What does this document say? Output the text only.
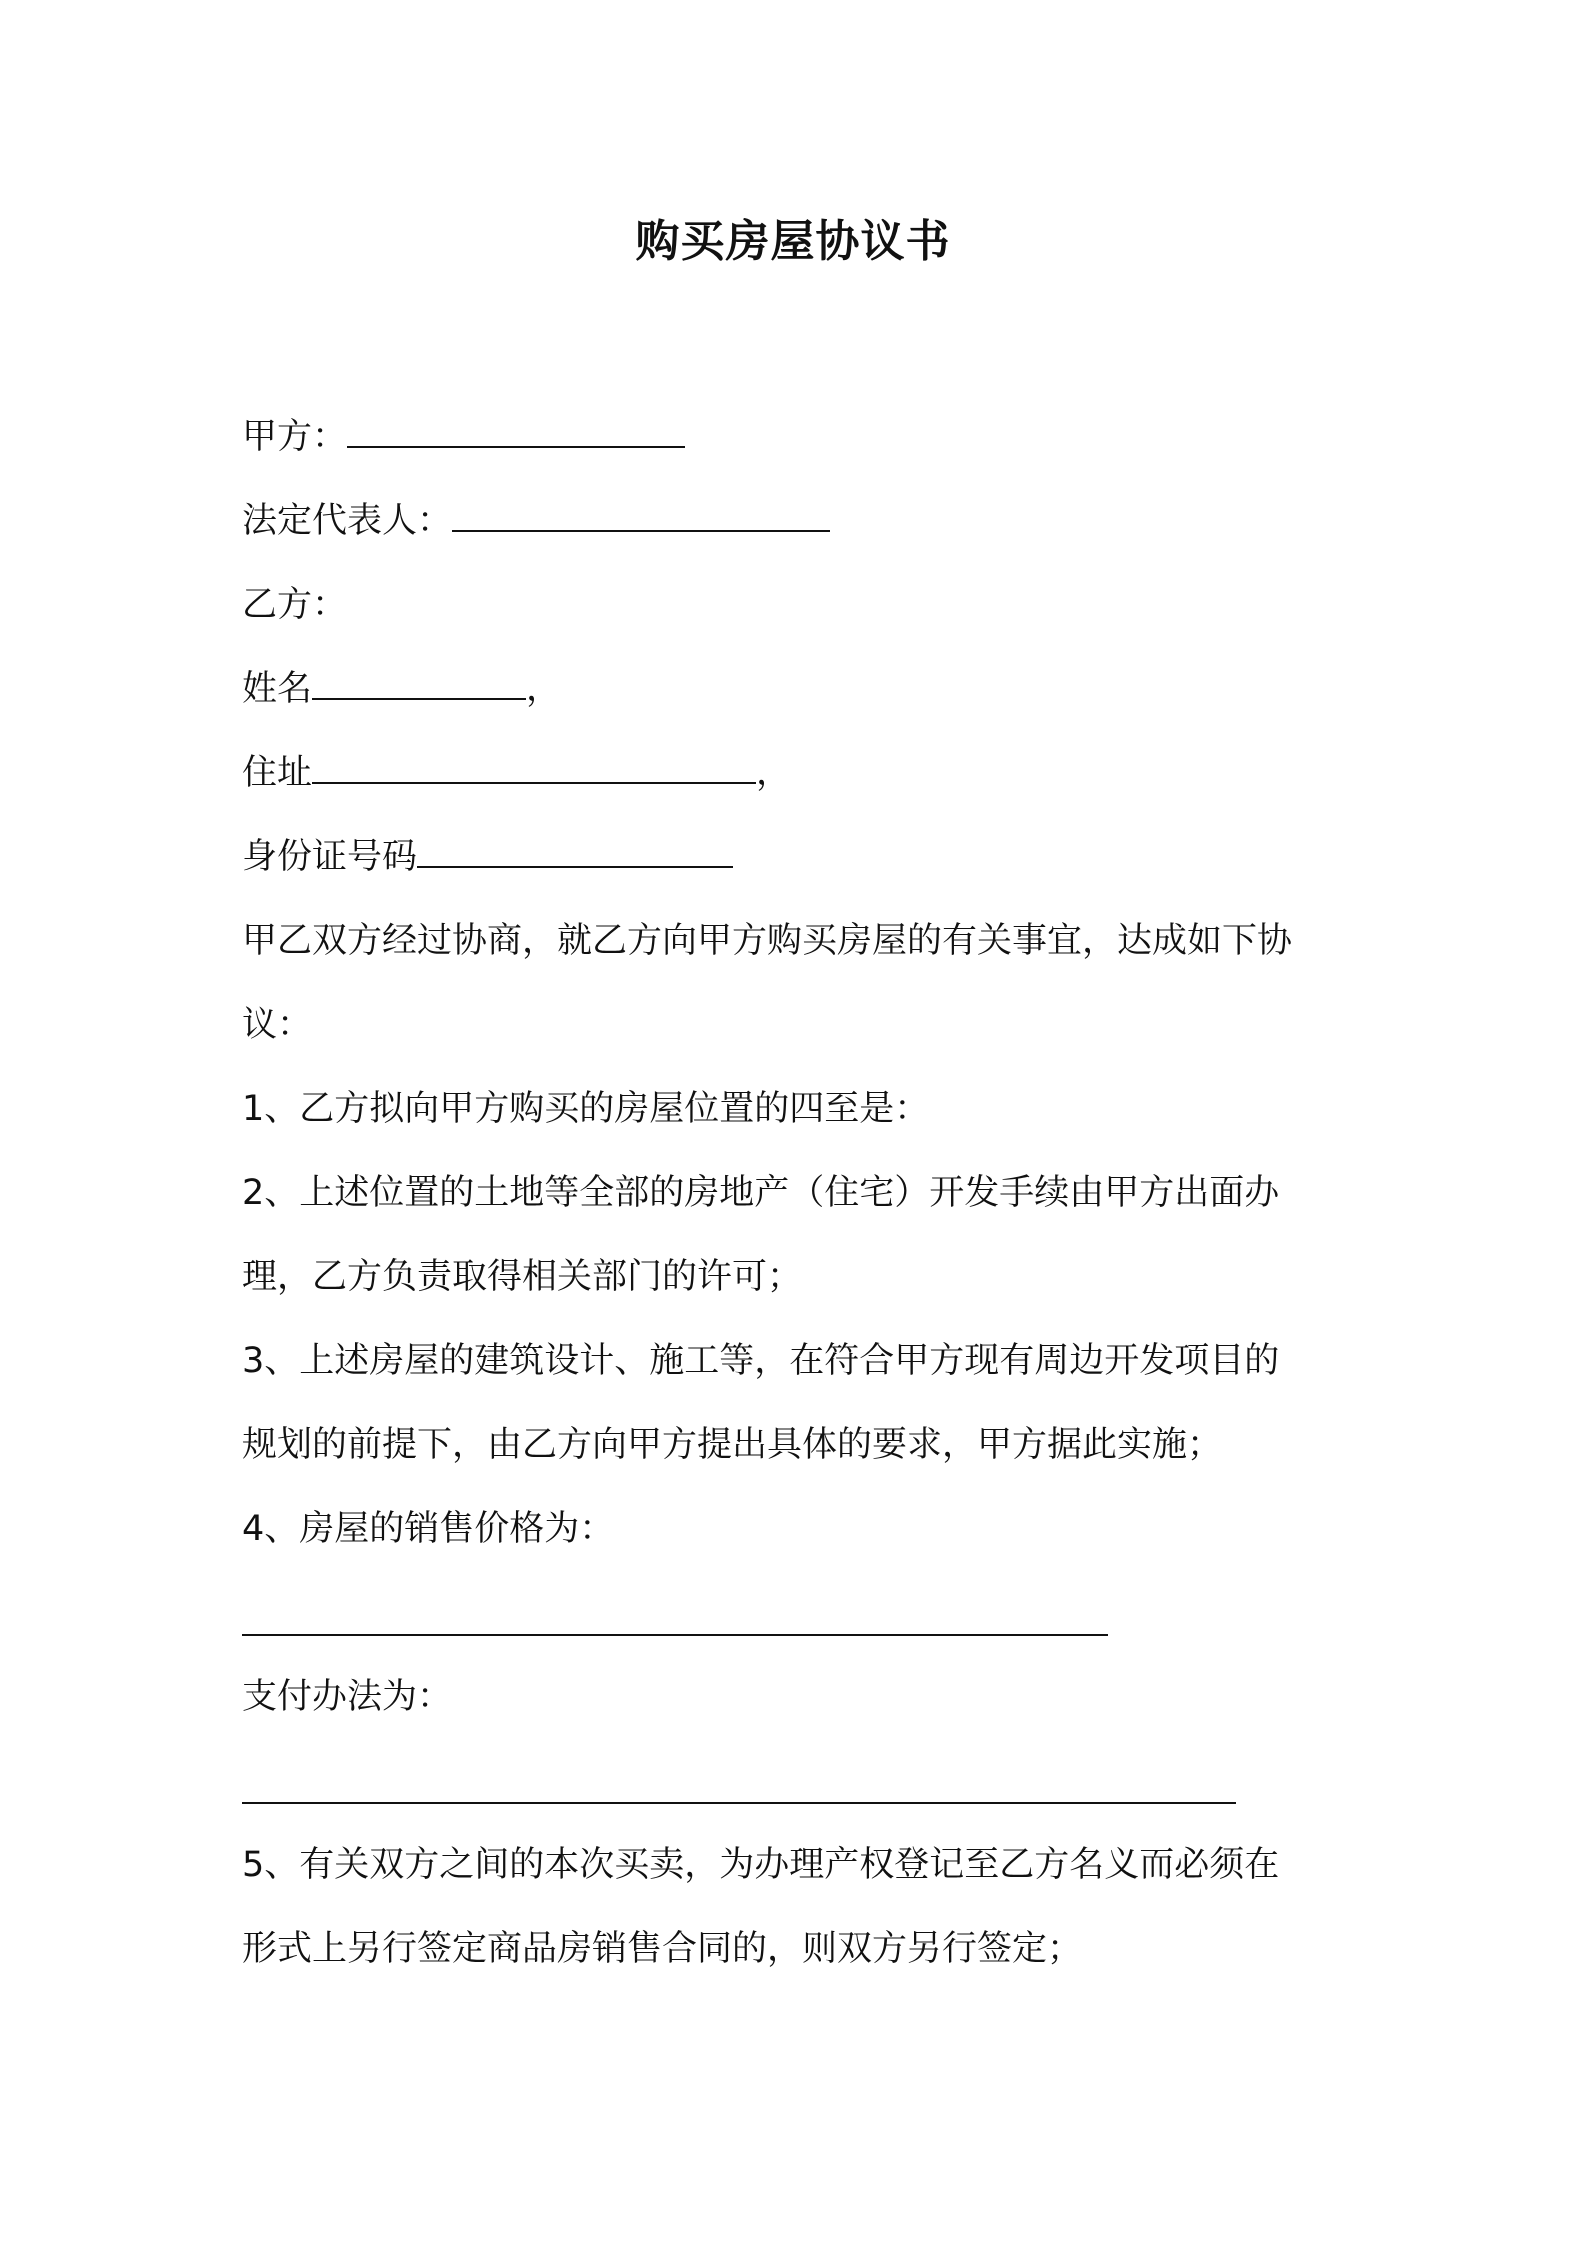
购买房屋协议书
甲方：
法定代表人：
乙方：
姓名	，
住址	，
身份证号码
甲乙双方经过协商，就乙方向甲方购买房屋的有关事宜，达成如下协
议：
1、乙方拟向甲方购买的房屋位置的四至是：
2、上述位置的土地等全部的房地产（住宅）开发手续由甲方出面办
理，乙方负责取得相关部门的许可；
3、上述房屋的建筑设计、施工等，在符合甲方现有周边开发项目的
规划的前提下，由乙方向甲方提出具体的要求，甲方据此实施；
4、房屋的销售价格为：
支付办法为：
5、有关双方之间的本次买卖，为办理产权登记至乙方名义而必须在
形式上另行签定商品房销售合同的，则双方另行签定；
